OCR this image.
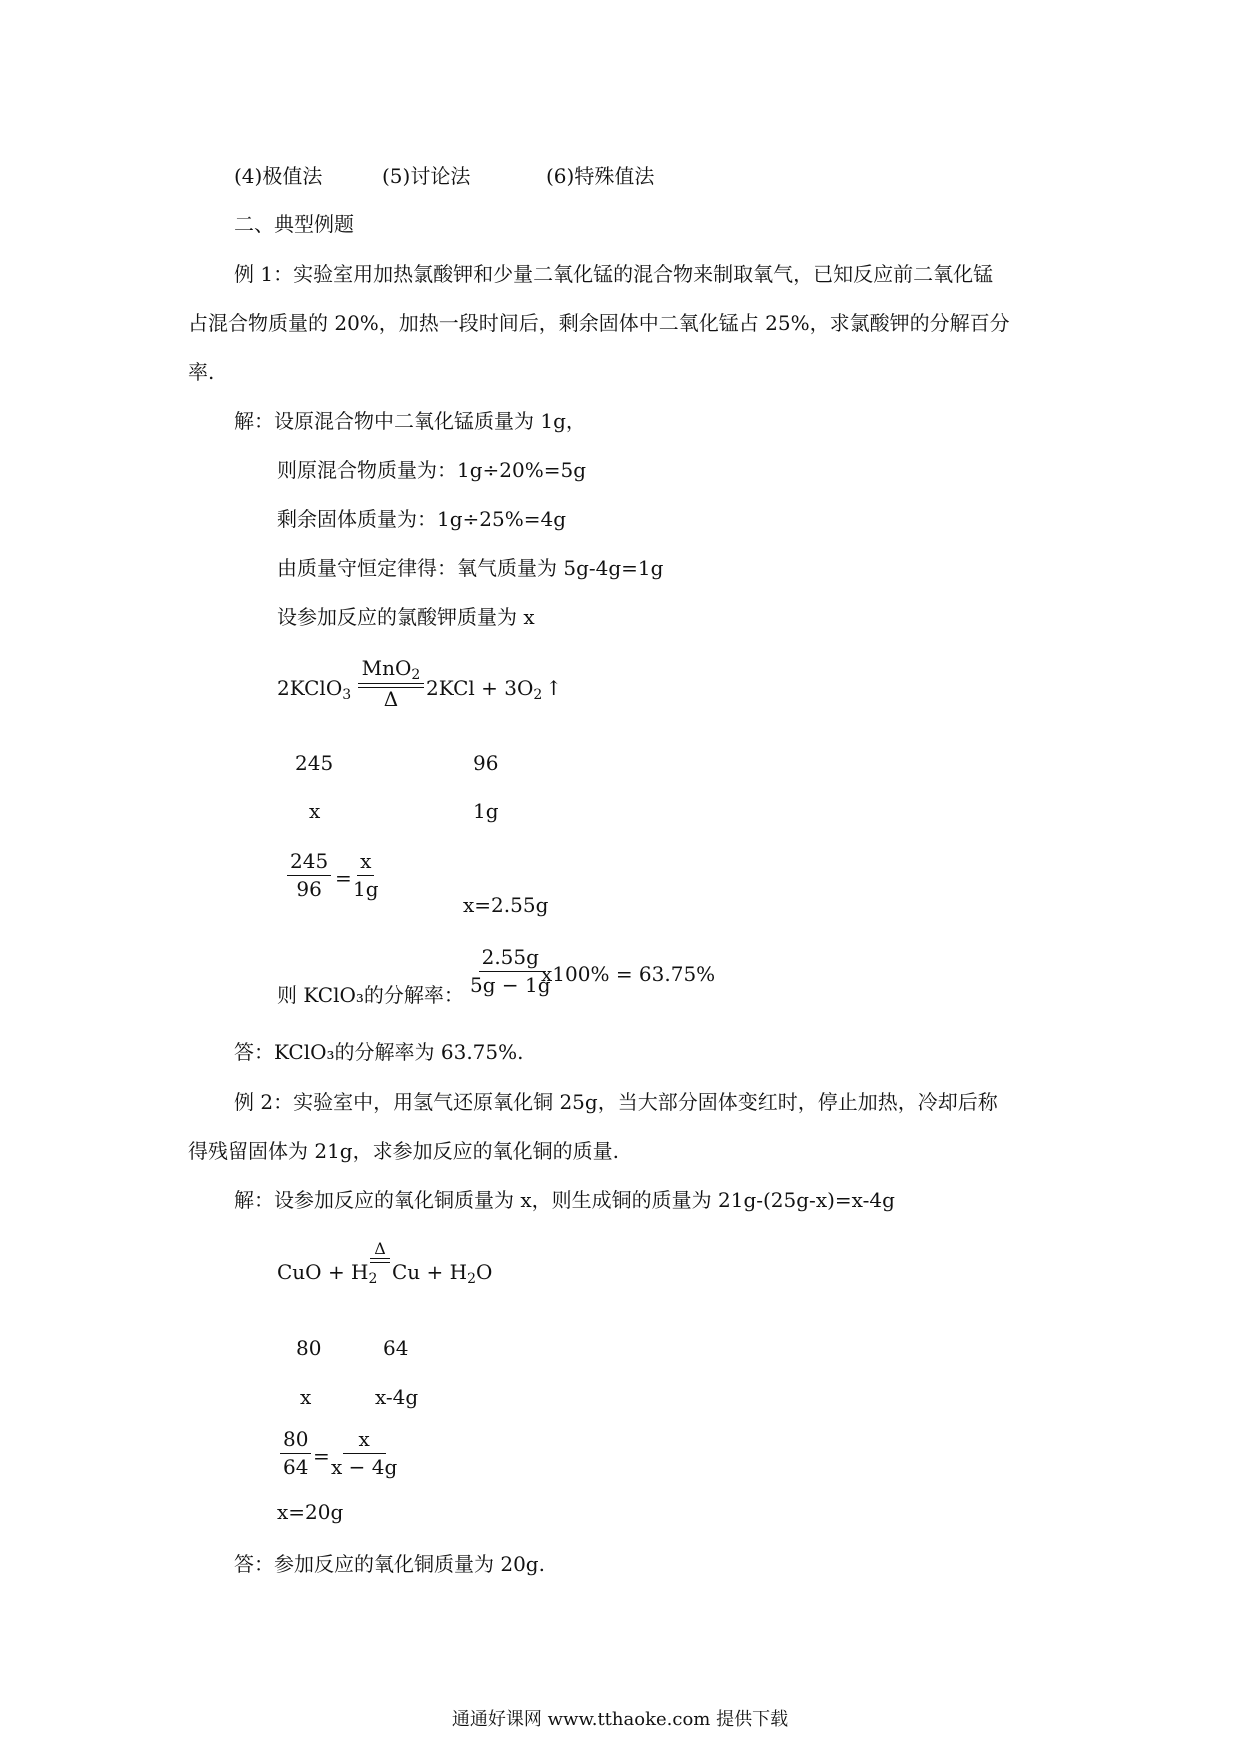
(4)极值法	(5)讨论法	(6)特殊值法
二、典型例题
例 1：实验室用加热氯酸钾和少量二氧化锰的混合物来制取氧气，已知反应前二氧化锰
占混合物质量的 20%，加热一段时间后，剩余固体中二氧化锰占 25%，求氯酸钾的分解百分
率.
解：设原混合物中二氧化锰质量为 1g，
则原混合物质量为：1g÷20%=5g
剩余固体质量为：1g÷25%=4g
由质量守恒定律得：氧气质量为 5g-4g=1g
设参加反应的氯酸钾质量为 x
2KClO$_3$
MnO$_2$
Δ $2KCl + 3O_2$ ↑
245	96
x	1g
$\frac{245}{96}$ =
$\frac{x}{1g}$
x=2.55g
则 KClO₃的分解率： $\frac{2.55g}{5g - 1g}$
x100% = 63.75%
答：KClO₃的分解率为 63.75%.
例 2：实验室中，用氢气还原氧化铜 25g，当大部分固体变红时，停止加热，冷却后称
得残留固体为 21g，求参加反应的氧化铜的质量.
解：设参加反应的氧化铜质量为 x，则生成铜的质量为 21g-(25g-x)=x-4g
CuO + $H_2$
Δ
$Cu + H_2O$
80	64
x	x-4g
$\frac{80}{64}$ =
$\frac{x}{x - 4g}$
x=20g
答：参加反应的氧化铜质量为 20g.
通通好课网 www.tthaoke.com 提供下载
